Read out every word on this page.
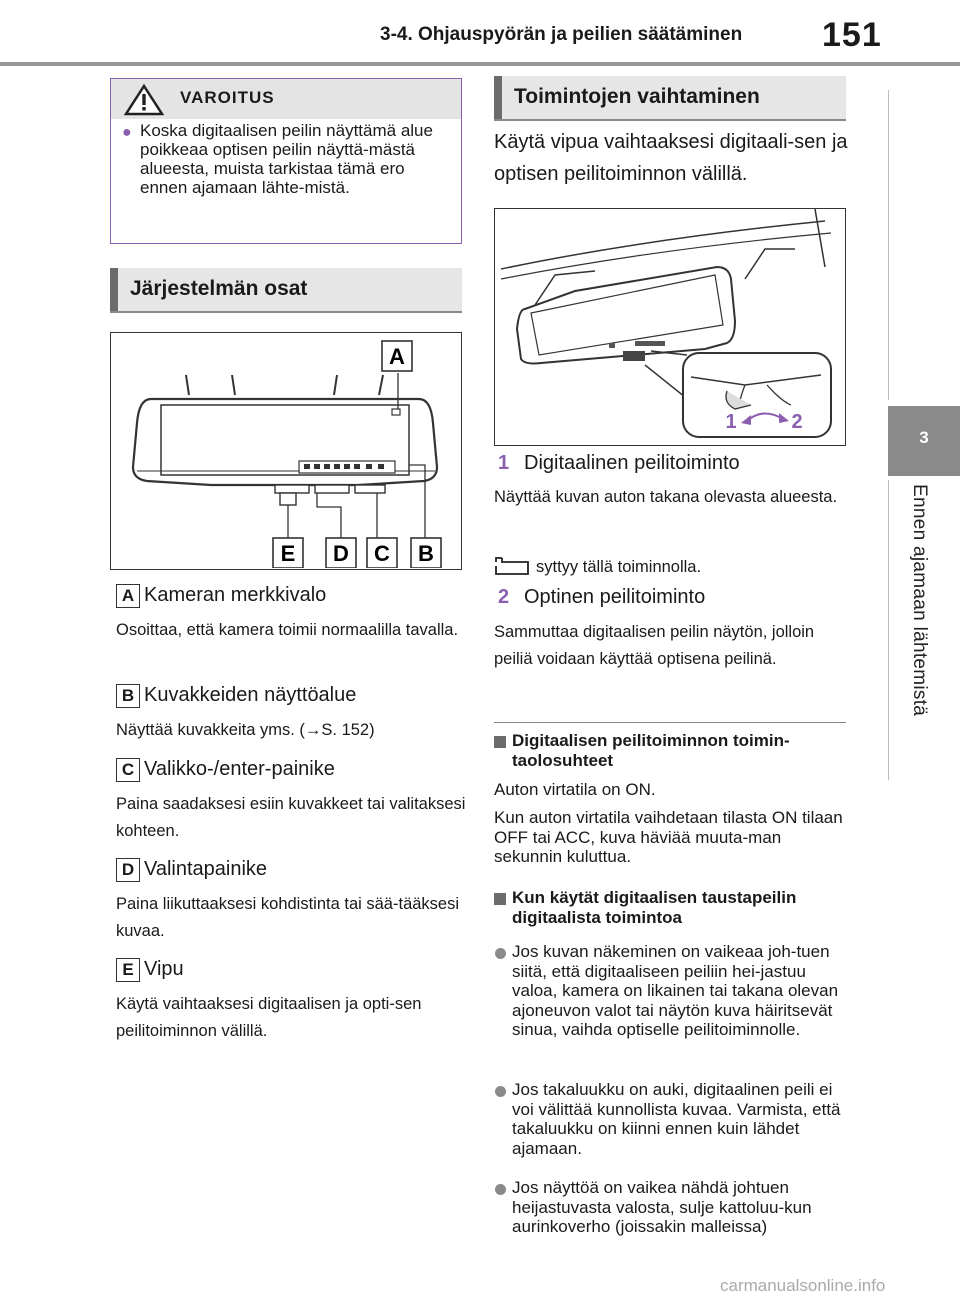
3-4. Ohjauspyörän ja peilien säätäminen 151
3
Ennen ajamaan lähtemistä
VAROITUS
● Koska digitaalisen peilin näyttämä alue poikkeaa optisen peilin näyttä-mästä alueesta, muista tarkistaa tämä ero ennen ajamaan lähte-mistä.
Järjestelmän osat
A
B
C
D
E
A Kameran merkkivalo
Osoittaa, että kamera toimii normaalilla tavalla.
B Kuvakkeiden näyttöalue
Näyttää kuvakkeita yms. (→S. 152)
C Valikko-/enter-painike
Paina saadaksesi esiin kuvakkeet tai valitaksesi kohteen.
D Valintapainike
Paina liikuttaaksesi kohdistinta tai sää-tääksesi kuvaa.
E Vipu
Käytä vaihtaaksesi digitaalisen ja opti-sen peilitoiminnon välillä.
Toimintojen vaihtaminen
Käytä vipua vaihtaaksesi digitaali-sen ja optisen peilitoiminnon välillä.
1	2
1 Digitaalinen peilitoiminto
Näyttää kuvan auton takana olevasta alueesta.
syttyy tällä toiminnolla.
2 Optinen peilitoiminto
Sammuttaa digitaalisen peilin näytön, jolloin peiliä voidaan käyttää optisena peilinä.
Digitaalisen peilitoiminnon toimin-taolosuhteet
Auton virtatila on ON.
Kun auton virtatila vaihdetaan tilasta ON tilaan OFF tai ACC, kuva häviää muuta-man sekunnin kuluttua.
Kun käytät digitaalisen taustapeilin digitaalista toimintoa
Jos kuvan näkeminen on vaikeaa joh-tuen siitä, että digitaaliseen peiliin hei-jastuu valoa, kamera on likainen tai takana olevan ajoneuvon valot tai näytön kuva häiritsevät sinua, vaihda optiselle peilitoiminnolle.
Jos takaluukku on auki, digitaalinen peili ei voi välittää kunnollista kuvaa. Varmista, että takaluukku on kiinni ennen kuin lähdet ajamaan.
Jos näyttöä on vaikea nähdä johtuen heijastuvasta valosta, sulje kattoluu-kun aurinkoverho (joissakin malleissa)
carmanualsonline.info
